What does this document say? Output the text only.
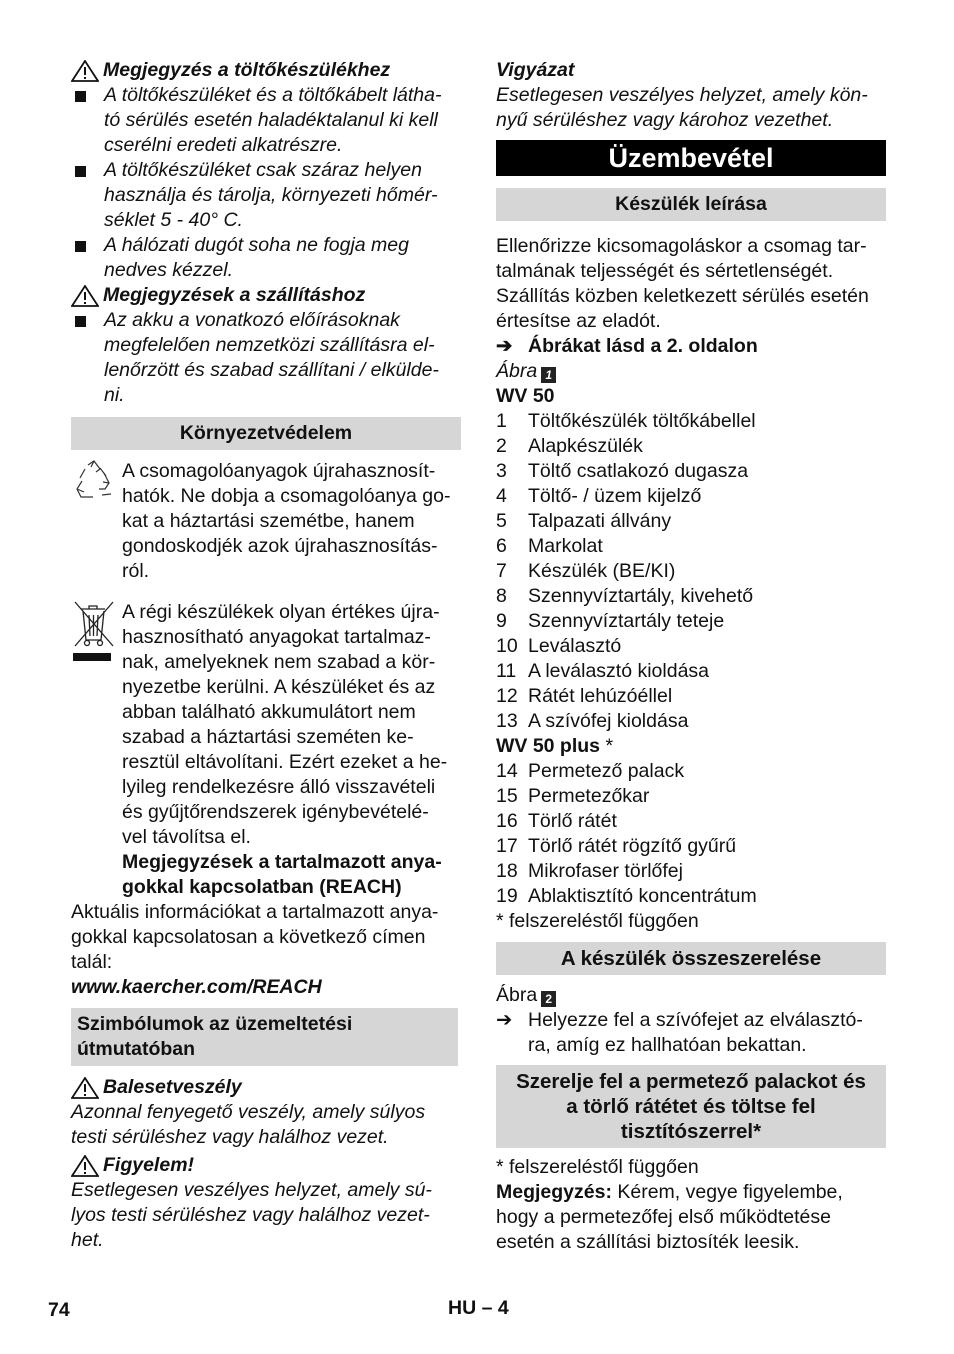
Megjegyzés a töltőkészülékhez
A töltőkészüléket és a töltőkábelt látha-
tó sérülés esetén haladéktalanul ki kell
cserélni eredeti alkatrészre.
A töltőkészüléket csak száraz helyen
használja és tárolja, környezeti hőmér-
séklet 5 - 40° C.
A hálózati dugót soha ne fogja meg
nedves kézzel.
Megjegyzések a szállításhoz
Az akku a vonatkozó előírásoknak
megfelelően nemzetközi szállításra el-
lenőrzött és szabad szállítani / elkülde-
ni.
Környezetvédelem
A csomagolóanyagok újrahasznosít-
hatók. Ne dobja a csomagolóanya go-
kat a háztartási szemétbe, hanem
gondoskodjék azok újrahasznosítás-
ról.
A régi készülékek olyan értékes újra-
hasznosítható anyagokat tartalmaz-
nak, amelyeknek nem szabad a kör-
nyezetbe kerülni. A készüléket és az
abban található akkumulátort nem
szabad a háztartási szeméten ke-
resztül eltávolítani. Ezért ezeket a he-
lyileg rendelkezésre álló visszavételi
és gyűjtőrendszerek igénybevételé-
vel távolítsa el.
Megjegyzések a tartalmazott anya-
gokkal kapcsolatban (REACH)
Aktuális információkat a tartalmazott anya-
gokkal kapcsolatosan a következő címen
talál:
www.kaercher.com/REACH
Szimbólumok az üzemeltetési
útmutatóban
Balesetveszély
Azonnal fenyegető veszély, amely súlyos
testi sérüléshez vagy halálhoz vezet.
Figyelem!
Esetlegesen veszélyes helyzet, amely sú-
lyos testi sérüléshez vagy halálhoz vezet-
het.
Vigyázat
Esetlegesen veszélyes helyzet, amely kön-
nyű sérüléshez vagy károhoz vezethet.
Üzembevétel
Készülék leírása
Ellenőrizze kicsomagoláskor a csomag tar-
talmának teljességét és sértetlenségét.
Szállítás közben keletkezett sérülés esetén
értesítse az eladót.
➔ Ábrákat lásd a 2. oldalon
Ábra 1
WV 50
1	Töltőkészülék töltőkábellel
2	Alapkészülék
3	Töltő csatlakozó dugasza
4	Töltő- / üzem kijelző
5	Talpazati állvány
6	Markolat
7	Készülék (BE/KI)
8	Szennyvíztartály, kivehető
9	Szennyvíztartály teteje
10 Leválasztó
11 A leválasztó kioldása
12 Rátét lehúzóéllel
13 A szívófej kioldása
WV 50 plus *
14 Permetező palack
15 Permetezőkar
16 Törlő rátét
17 Törlő rátét rögzítő gyűrű
18 Mikrofaser törlőfej
19 Ablaktisztító koncentrátum
* felszereléstől függően
A készülék összeszerelése
Ábra 2
➔ Helyezze fel a szívófejet az elválasztó-
ra, amíg ez hallhatóan bekattan.
Szerelje fel a permetező palackot és
a törlő rátétet és töltse fel
tisztítószerrel*
* felszereléstől függően
Megjegyzés: Kérem, vegye figyelembe,
hogy a permetezőfej első működtetése
esetén a szállítási biztosíték leesik.
74	HU – 4
